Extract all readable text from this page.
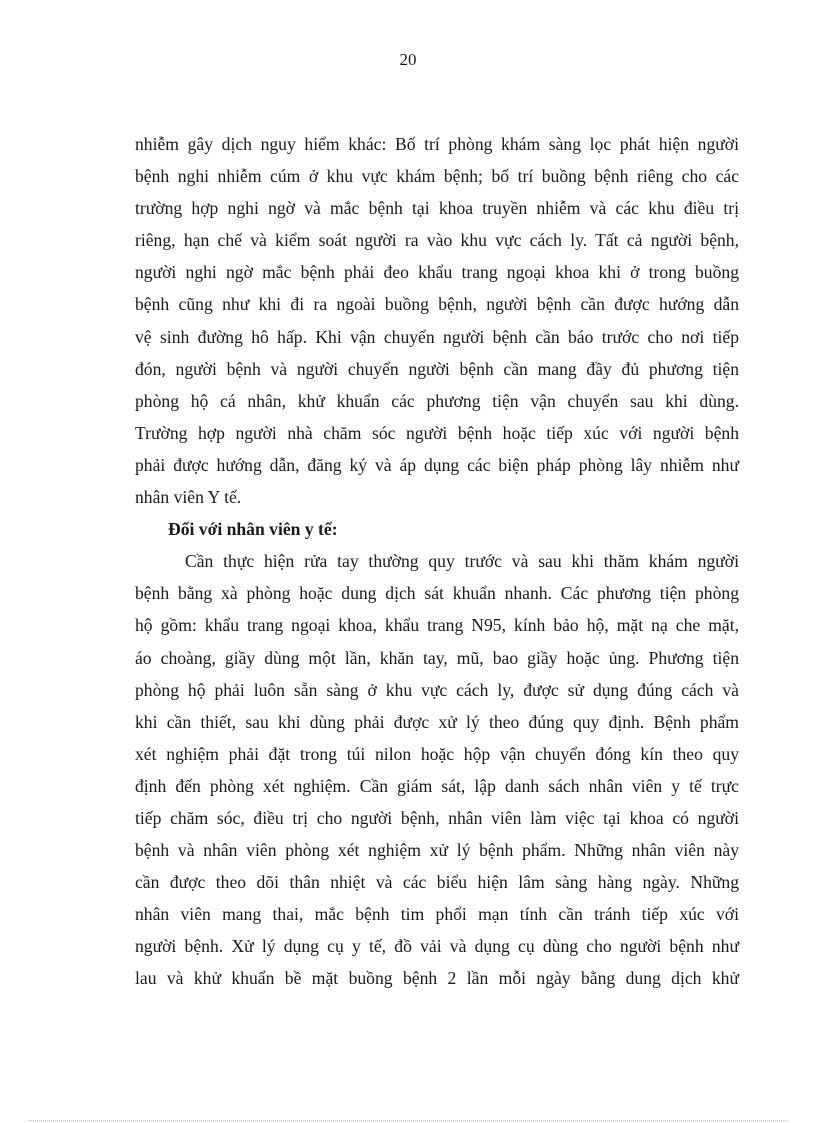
20
nhiễm gây dịch nguy hiểm khác: Bố trí phòng khám sàng lọc phát hiện người
bệnh nghi nhiễm cúm ở khu vực khám bệnh; bố trí buồng bệnh riêng cho các
trường hợp nghi ngờ và mắc bệnh tại khoa truyền nhiễm và các khu điều trị
riêng, hạn chế và kiểm soát người ra vào khu vực cách ly. Tất cả người bệnh,
người nghi ngờ mắc bệnh phải đeo khẩu trang ngoại khoa khi ở trong buồng
bệnh cũng như khi đi ra ngoài buồng bệnh, người bệnh cần được hướng dẫn
vệ sinh đường hô hấp. Khi vận chuyển người bệnh cần báo trước cho nơi tiếp
đón, người bệnh và người chuyển người bệnh cần mang đầy đủ phương tiện
phòng hộ cá nhân, khử khuẩn các phương tiện vận chuyển sau khi dùng.
Trường hợp người nhà chăm sóc người bệnh hoặc tiếp xúc với người bệnh
phải được hướng dẫn, đăng ký và áp dụng các biện pháp phòng lây nhiễm như
nhân viên Y tế.
Đối với nhân viên y tế:
Cần thực hiện rửa tay thường quy trước và sau khi thăm khám người
bệnh bằng xà phòng hoặc dung dịch sát khuẩn nhanh. Các phương tiện phòng
hộ gồm: khẩu trang ngoại khoa, khẩu trang N95, kính bảo hộ, mặt nạ che mặt,
áo choàng, giầy dùng một lần, khăn tay, mũ, bao giầy hoặc ủng. Phương tiện
phòng hộ phải luôn sẵn sàng ở khu vực cách ly, được sử dụng đúng cách và
khi cần thiết, sau khi dùng phải được xử lý theo đúng quy định. Bệnh phẩm
xét nghiệm phải đặt trong túi nilon hoặc hộp vận chuyển đóng kín theo quy
định đến phòng xét nghiệm. Cần giám sát, lập danh sách nhân viên y tế trực
tiếp chăm sóc, điều trị cho người bệnh, nhân viên làm việc tại khoa có người
bệnh và nhân viên phòng xét nghiệm xử lý bệnh phẩm. Những nhân viên này
cần được theo dõi thân nhiệt và các biểu hiện lâm sàng hàng ngày. Những
nhân viên mang thai, mắc bệnh tim phổi mạn tính cần tránh tiếp xúc với
người bệnh. Xử lý dụng cụ y tế, đồ vải và dụng cụ dùng cho người bệnh như
lau và khử khuẩn bề mặt buồng bệnh 2 lần mỗi ngày bằng dung dịch khử
